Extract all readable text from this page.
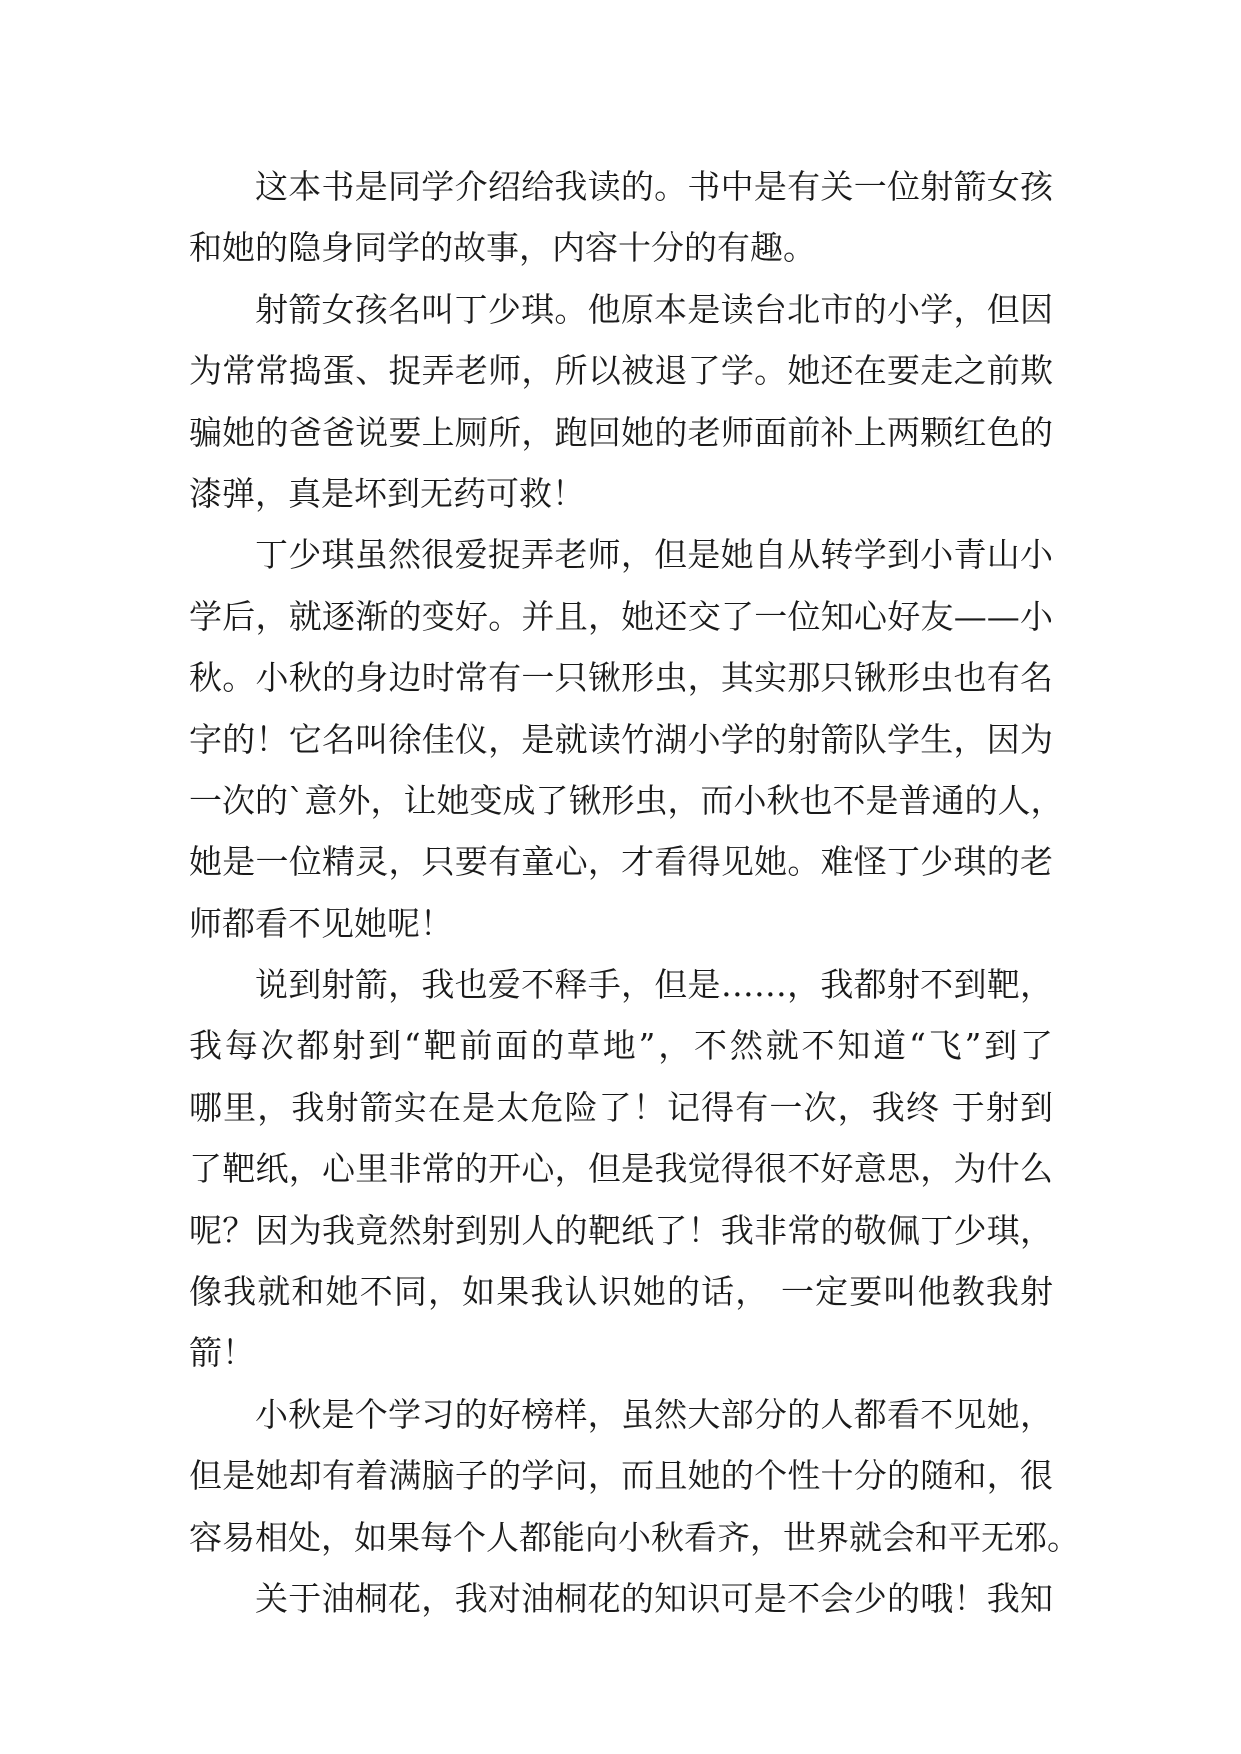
这本书是同学介绍给我读的。书中是有关一位射箭女孩
和她的隐身同学的故事，内容十分的有趣。
射箭女孩名叫丁少琪。他原本是读台北市的小学，但因
为常常捣蛋、捉弄老师，所以被退了学。她还在要走之前欺
骗她的爸爸说要上厕所，跑回她的老师面前补上两颗红色的
漆弹，真是坏到无药可救！
丁少琪虽然很爱捉弄老师，但是她自从转学到小青山小
学后，就逐渐的变好。并且，她还交了一位知心好友——小
秋。小秋的身边时常有一只锹形虫，其实那只锹形虫也有名
字的！它名叫徐佳仪，是就读竹湖小学的射箭队学生，因为
一次的`意外，让她变成了锹形虫，而小秋也不是普通的人，
她是一位精灵，只要有童心，才看得见她。难怪丁少琪的老
师都看不见她呢！
说到射箭，我也爱不释手，但是……，我都射不到靶，
我每次都射到“靶前面的草地”，不然就不知道“飞”到了
哪里，我射箭实在是太危险了！记得有一次，我终 于射到
了靶纸，心里非常的开心，但是我觉得很不好意思，为什么
呢？因为我竟然射到别人的靶纸了！我非常的敬佩丁少琪，
像我就和她不同，如果我认识她的话， 一定要叫他教我射
箭！
小秋是个学习的好榜样，虽然大部分的人都看不见她，
但是她却有着满脑子的学问，而且她的个性十分的随和，很
容易相处，如果每个人都能向小秋看齐，世界就会和平无邪。
关于油桐花，我对油桐花的知识可是不会少的哦！我知
